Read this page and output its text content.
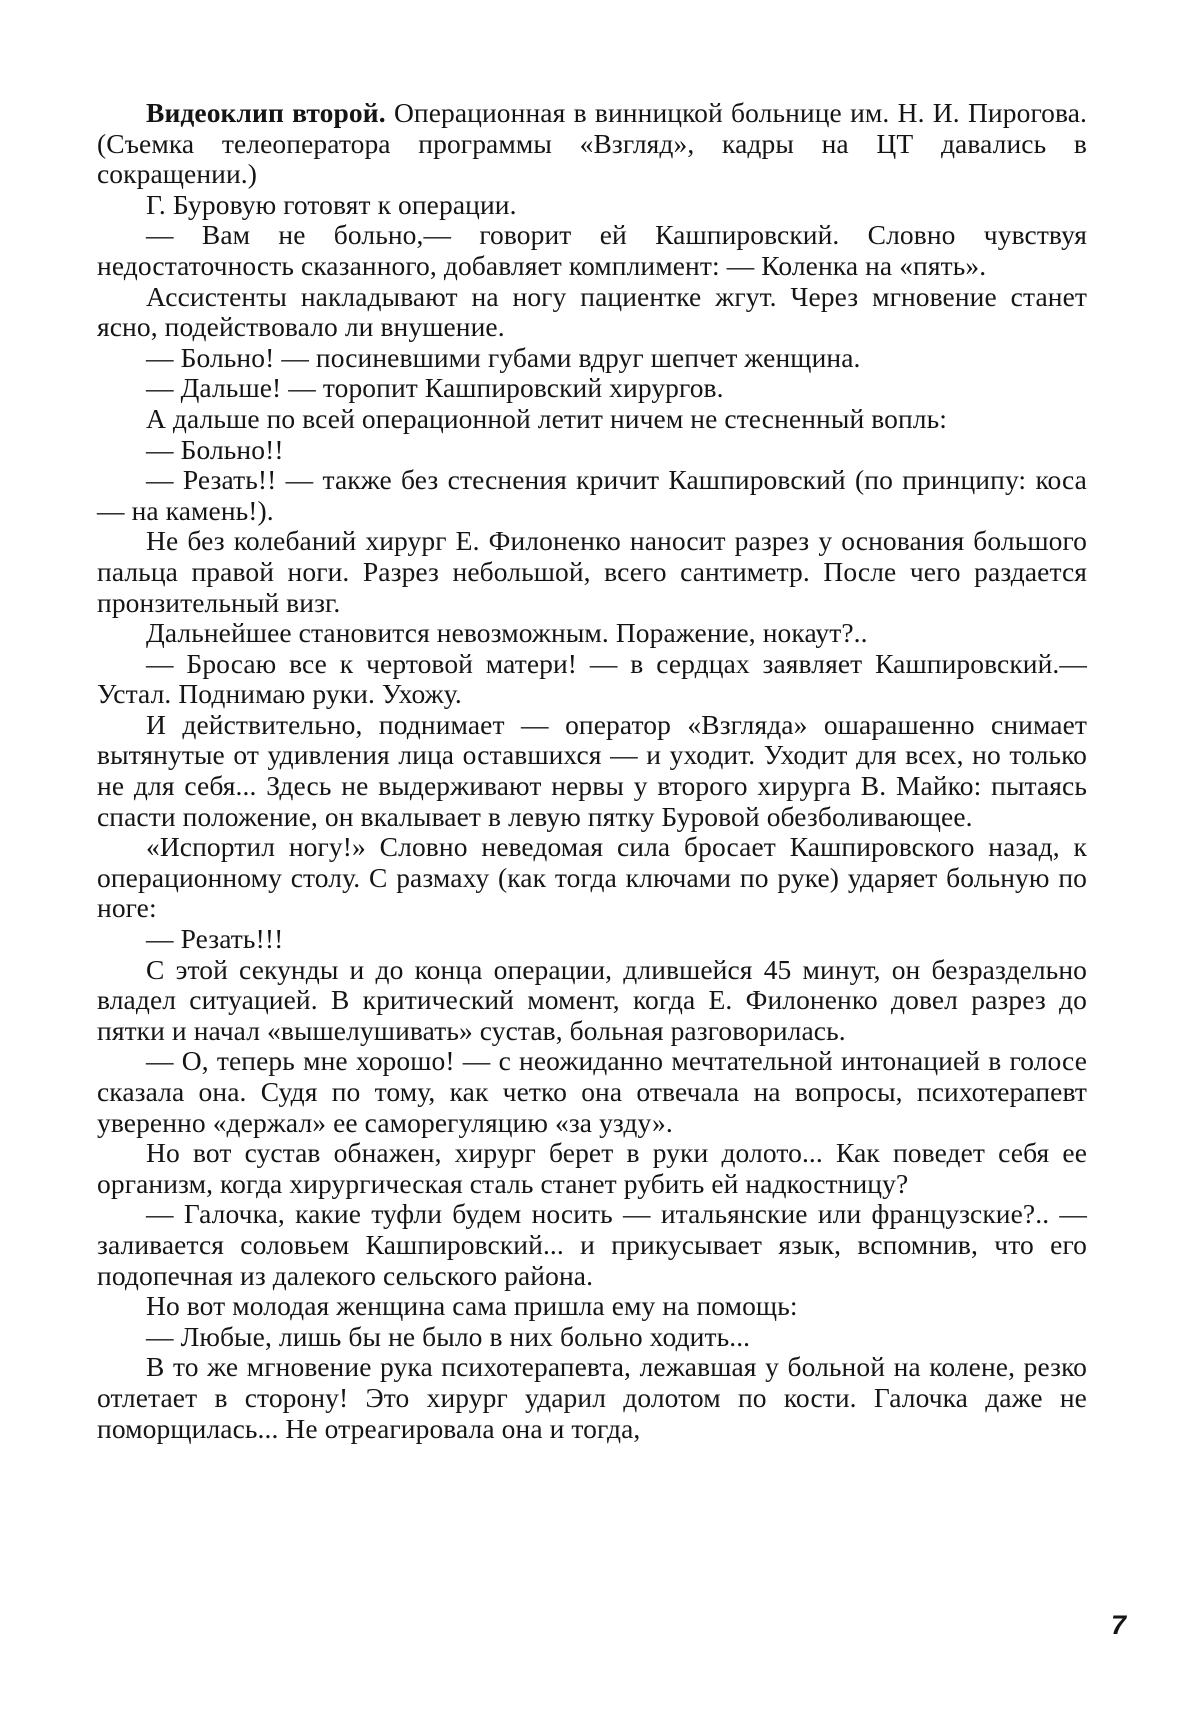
Видеоклип второй. Операционная в винницкой больнице им. Н. И. Пирогова. (Съемка телеоператора программы «Взгляд», кадры на ЦТ давались в сокращении.)

Г. Буровую готовят к операции.

— Вам не больно,— говорит ей Кашпировский. Словно чувствуя недостаточность сказанного, добавляет комплимент: — Коленка на «пять».

Ассистенты накладывают на ногу пациентке жгут. Через мгновение станет ясно, подействовало ли внушение.

— Больно! — посиневшими губами вдруг шепчет женщина.

— Дальше! — торопит Кашпировский хирургов.

А дальше по всей операционной летит ничем не стесненный вопль:

— Больно!!

— Резать!! — также без стеснения кричит Кашпировский (по принципу: коса — на камень!).

Не без колебаний хирург Е. Филоненко наносит разрез у основания большого пальца правой ноги. Разрез небольшой, всего сантиметр. После чего раздается пронзительный визг.

Дальнейшее становится невозможным. Поражение, нокаут?..

— Бросаю все к чертовой матери! — в сердцах заявляет Кашпировский.— Устал. Поднимаю руки. Ухожу.

И действительно, поднимает — оператор «Взгляда» ошарашенно снимает вытянутые от удивления лица оставшихся — и уходит. Уходит для всех, но только не для себя... Здесь не выдерживают нервы у второго хирурга В. Майко: пытаясь спасти положение, он вкалывает в левую пятку Буровой обезболивающее.

«Испортил ногу!» Словно неведомая сила бросает Кашпировского назад, к операционному столу. С размаху (как тогда ключами по руке) ударяет больную по ноге:

— Резать!!!

С этой секунды и до конца операции, длившейся 45 минут, он безраздельно владел ситуацией. В критический момент, когда Е. Филоненко довел разрез до пятки и начал «вышелушивать» сустав, больная разговорилась.

— О, теперь мне хорошо! — с неожиданно мечтательной интонацией в голосе сказала она. Судя по тому, как четко она отвечала на вопросы, психотерапевт уверенно «держал» ее саморегуляцию «за узду».

Но вот сустав обнажен, хирург берет в руки долото... Как поведет себя ее организм, когда хирургическая сталь станет рубить ей надкостницу?

— Галочка, какие туфли будем носить — итальянские или французские?.. — заливается соловьем Кашпировский... и прикусывает язык, вспомнив, что его подопечная из далекого сельского района.

Но вот молодая женщина сама пришла ему на помощь:

— Любые, лишь бы не было в них больно ходить...

В то же мгновение рука психотерапевта, лежавшая у больной на колене, резко отлетает в сторону! Это хирург ударил долотом по кости. Галочка даже не поморщилась... Не отреагировала она и тогда,

7
